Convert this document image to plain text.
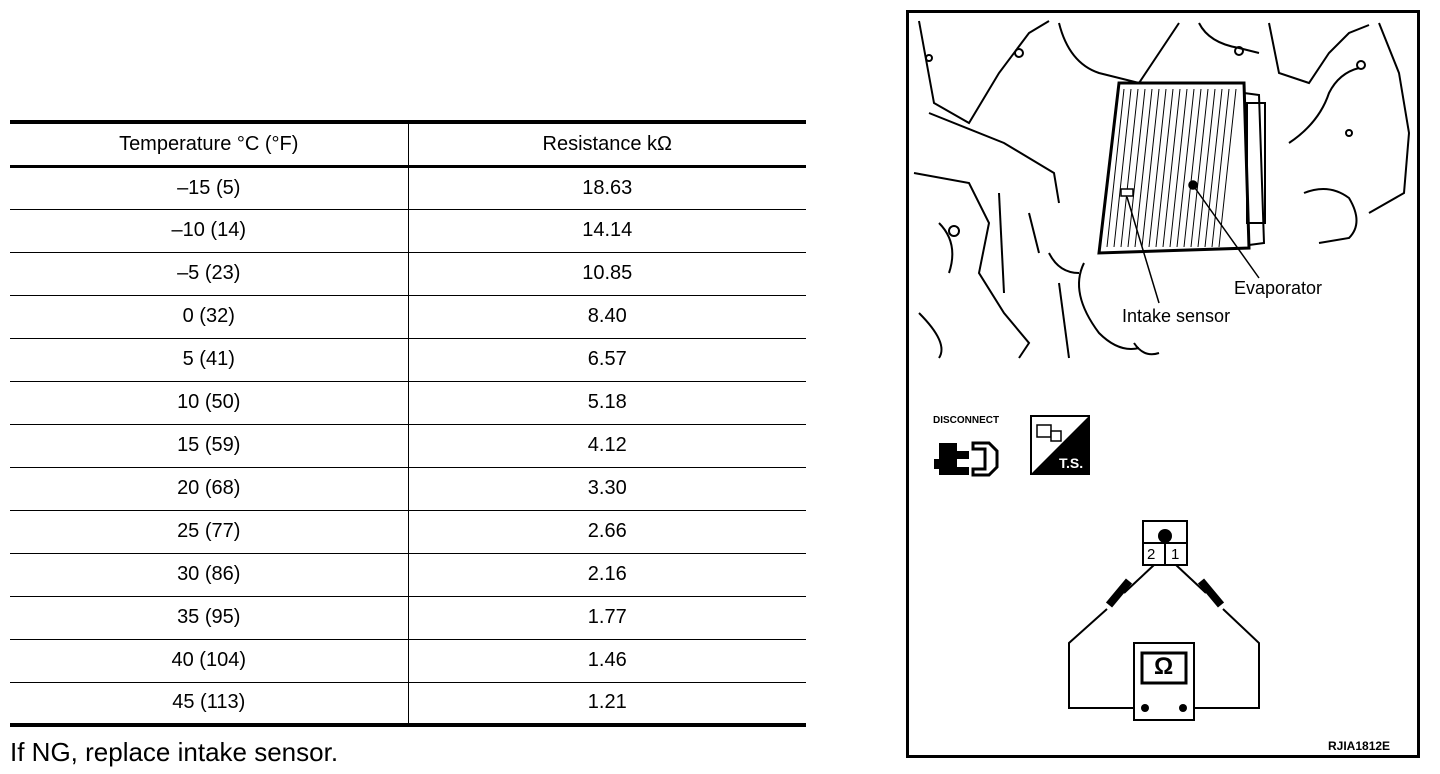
Temperature °C (°F)	Resistance kΩ
–15 (5)	18.63
–10 (14)	14.14
–5 (23)	10.85
0 (32)	8.40
5 (41)	6.57
10 (50)	5.18
15 (59)	4.12
20 (68)	3.30
25 (77)	2.66
30 (86)	2.16
35 (95)	1.77
40 (104)	1.46
45 (113)	1.21
If NG, replace intake sensor.
Evaporator
Intake sensor
DISCONNECT
T.S.
2 1
Ω
RJIA1812E
